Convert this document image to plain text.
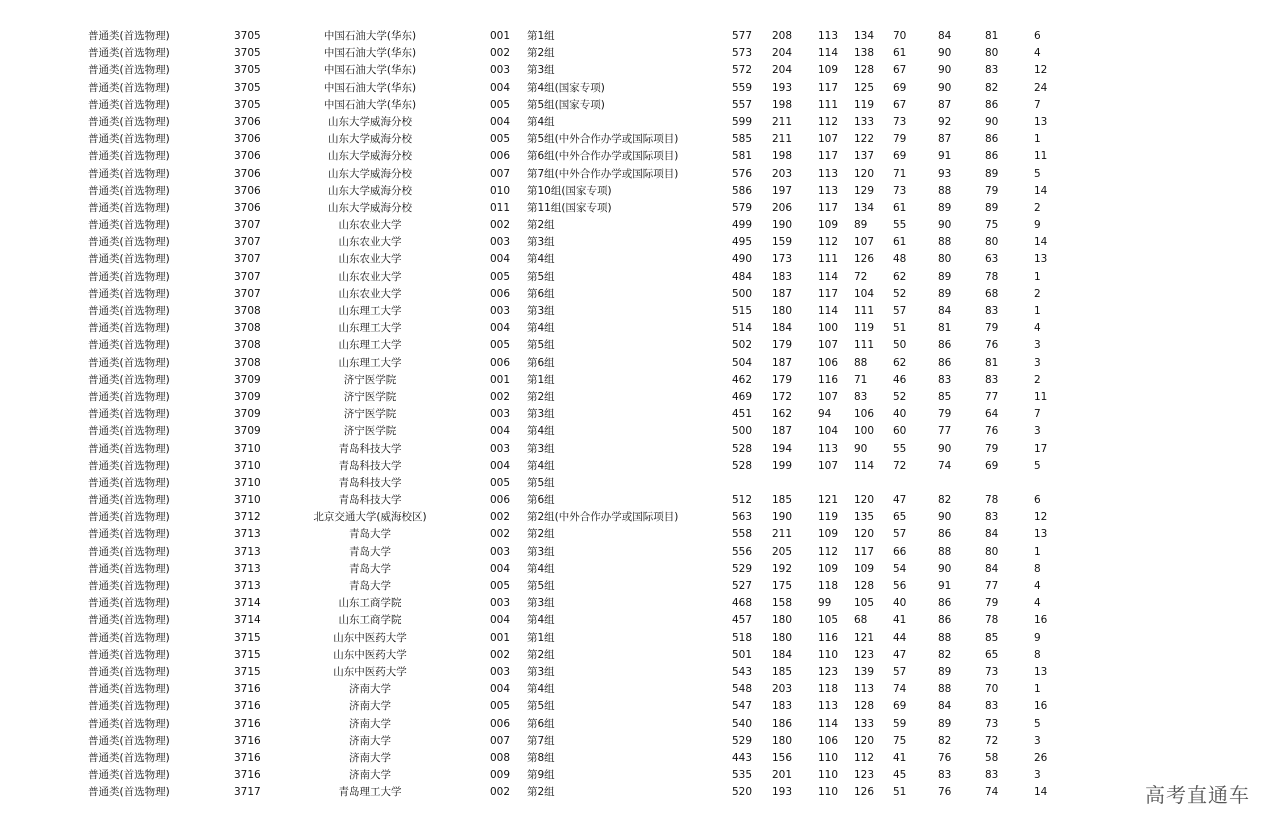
普通类(首选物理)	3705	中国石油大学(华东)	001 第1组	577 208 113 134 70	84	81	6
普通类(首选物理)	3705	中国石油大学(华东)	002 第2组	573 204 114 138 61	90	80	4
普通类(首选物理)	3705	中国石油大学(华东)	003 第3组	572 204 109 128 67	90	83	12
普通类(首选物理)	3705	中国石油大学(华东)	004 第4组(国家专项)	559 193 117 125 69	90	82	24
普通类(首选物理)	3705	中国石油大学(华东)	005 第5组(国家专项)	557 198 111 119 67	87	86	7
普通类(首选物理)	3706	山东大学威海分校	004 第4组	599 211 112 133 73	92	90	13
普通类(首选物理)	3706	山东大学威海分校	005 第5组(中外合作办学或国际项目)	585 211 107 122 79	87	86	1
普通类(首选物理)	3706	山东大学威海分校	006 第6组(中外合作办学或国际项目)	581 198 117 137 69	91	86	11
普通类(首选物理)	3706	山东大学威海分校	007 第7组(中外合作办学或国际项目)	576 203 113 120 71	93	89	5
普通类(首选物理)	3706	山东大学威海分校	010 第10组(国家专项)	586 197 113 129 73	88	79	14
普通类(首选物理)	3706	山东大学威海分校	011 第11组(国家专项)	579 206 117 134 61	89	89	2
普通类(首选物理)	3707	山东农业大学	002 第2组	499 190 109 89 55	90	75	9
普通类(首选物理)	3707	山东农业大学	003 第3组	495 159 112 107 61	88	80	14
普通类(首选物理)	3707	山东农业大学	004 第4组	490 173 111 126 48	80	63	13
普通类(首选物理)	3707	山东农业大学	005 第5组	484 183 114 72 62	89	78	1
普通类(首选物理)	3707	山东农业大学	006 第6组	500 187 117 104 52	89	68	2
普通类(首选物理)	3708	山东理工大学	003 第3组	515 180 114 111 57	84	83	1
普通类(首选物理)	3708	山东理工大学	004 第4组	514 184 100 119 51	81	79	4
普通类(首选物理)	3708	山东理工大学	005 第5组	502 179 107 111 50	86	76	3
普通类(首选物理)	3708	山东理工大学	006 第6组	504 187 106 88 62	86	81	3
普通类(首选物理)	3709	济宁医学院	001 第1组	462 179 116 71 46	83	83	2
普通类(首选物理)	3709	济宁医学院	002 第2组	469 172 107 83 52	85	77	11
普通类(首选物理)	3709	济宁医学院	003 第3组	451 162 94 106 40	79	64	7
普通类(首选物理)	3709	济宁医学院	004 第4组	500 187 104 100 60	77	76	3
普通类(首选物理)	3710	青岛科技大学	003 第3组	528 194 113 90 55	90	79	17
普通类(首选物理)	3710	青岛科技大学	004 第4组	528 199 107 114 72	74	69	5
普通类(首选物理)	3710	青岛科技大学	005 第5组
普通类(首选物理)	3710	青岛科技大学	006 第6组	512 185 121 120 47	82	78	6
普通类(首选物理)	3712	北京交通大学(威海校区)	002 第2组(中外合作办学或国际项目)	563 190 119 135 65	90	83	12
普通类(首选物理)	3713	青岛大学	002 第2组	558 211 109 120 57	86	84	13
普通类(首选物理)	3713	青岛大学	003 第3组	556 205 112 117 66	88	80	1
普通类(首选物理)	3713	青岛大学	004 第4组	529 192 109 109 54	90	84	8
普通类(首选物理)	3713	青岛大学	005 第5组	527 175 118 128 56	91	77	4
普通类(首选物理)	3714	山东工商学院	003 第3组	468 158 99 105 40	86	79	4
普通类(首选物理)	3714	山东工商学院	004 第4组	457 180 105 68 41	86	78	16
普通类(首选物理)	3715	山东中医药大学	001 第1组	518 180 116 121 44	88	85	9
普通类(首选物理)	3715	山东中医药大学	002 第2组	501 184 110 123 47	82	65	8
普通类(首选物理)	3715	山东中医药大学	003 第3组	543 185 123 139 57	89	73	13
普通类(首选物理)	3716	济南大学	004 第4组	548 203 118 113 74	88	70	1
普通类(首选物理)	3716	济南大学	005 第5组	547 183 113 128 69	84	83	16
普通类(首选物理)	3716	济南大学	006 第6组	540 186 114 133 59	89	73	5
普通类(首选物理)	3716	济南大学	007 第7组	529 180 106 120 75	82	72	3
普通类(首选物理)	3716	济南大学	008 第8组	443 156 110 112 41	76	58	26
普通类(首选物理)	3716	济南大学	009 第9组	535 201 110 123 45	83	83	3
普通类(首选物理)	3717	青岛理工大学	002 第2组	520 193 110 126 51	76	74	14	高考直通车
